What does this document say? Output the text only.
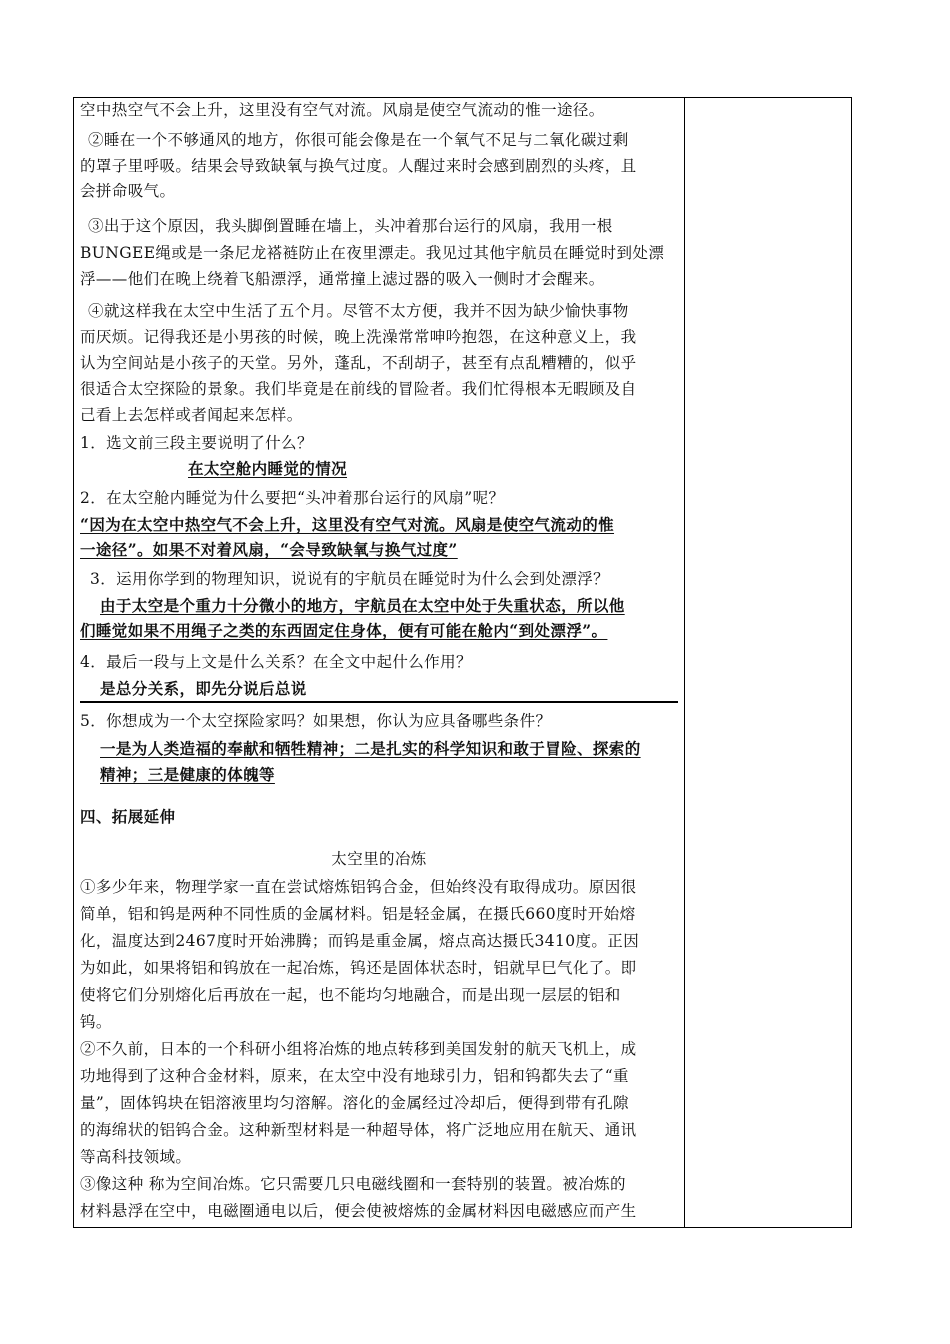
空中热空气不会上升，这里没有空气对流。风扇是使空气流动的惟一途径。
②睡在一个不够通风的地方，你很可能会像是在一个氧气不足与二氧化碳过剩
的罩子里呼吸。结果会导致缺氧与换气过度。人醒过来时会感到剧烈的头疼，且
会拼命吸气。
③出于这个原因，我头脚倒置睡在墙上，头冲着那台运行的风扇，我用一根
BUNGEE绳或是一条尼龙褡裢防止在夜里漂走。我见过其他宇航员在睡觉时到处漂
浮——他们在晚上绕着飞船漂浮，通常撞上滤过器的吸入一侧时才会醒来。
④就这样我在太空中生活了五个月。尽管不太方便，我并不因为缺少愉快事物
而厌烦。记得我还是小男孩的时候，晚上洗澡常常呻吟抱怨，在这种意义上，我
认为空间站是小孩子的天堂。另外，蓬乱，不刮胡子，甚至有点乱糟糟的，似乎
很适合太空探险的景象。我们毕竟是在前线的冒险者。我们忙得根本无暇顾及自
己看上去怎样或者闻起来怎样。
1．选文前三段主要说明了什么？
在太空舱内睡觉的情况
2．在太空舱内睡觉为什么要把“头冲着那台运行的风扇”呢？
“因为在太空中热空气不会上升，这里没有空气对流。风扇是使空气流动的惟
一途径”。如果不对着风扇，“会导致缺氧与换气过度”
3．运用你学到的物理知识，说说有的宇航员在睡觉时为什么会到处漂浮？
由于太空是个重力十分微小的地方，宇航员在太空中处于失重状态，所以他
们睡觉如果不用绳子之类的东西固定住身体，便有可能在舱内“到处漂浮”。
4．最后一段与上文是什么关系？在全文中起什么作用？
是总分关系，即先分说后总说
5．你想成为一个太空探险家吗？如果想，你认为应具备哪些条件？
一是为人类造福的奉献和牺牲精神；二是扎实的科学知识和敢于冒险、探索的
精神；三是健康的体魄等
四、拓展延伸
太空里的冶炼
①多少年来，物理学家一直在尝试熔炼铝钨合金，但始终没有取得成功。原因很
简单，铝和钨是两种不同性质的金属材料。铝是轻金属，在摄氏660度时开始熔
化，温度达到2467度时开始沸腾；而钨是重金属，熔点高达摄氏3410度。正因
为如此，如果将铝和钨放在一起冶炼，钨还是固体状态时，铝就早巳气化了。即
使将它们分别熔化后再放在一起，也不能均匀地融合，而是出现一层层的铝和
钨。
②不久前，日本的一个科研小组将冶炼的地点转移到美国发射的航天飞机上，成
功地得到了这种合金材料，原来，在太空中没有地球引力，铝和钨都失去了“重
量”，固体钨块在铝溶液里均匀溶解。溶化的金属经过冷却后，便得到带有孔隙
的海绵状的铝钨合金。这种新型材料是一种超导体，将广泛地应用在航天、通讯
等高科技领域。
③像这种 称为空间冶炼。它只需要几只电磁线圈和一套特别的装置。被冶炼的
材料悬浮在空中，电磁圈通电以后，便会使被熔炼的金属材料因电磁感应而产生
